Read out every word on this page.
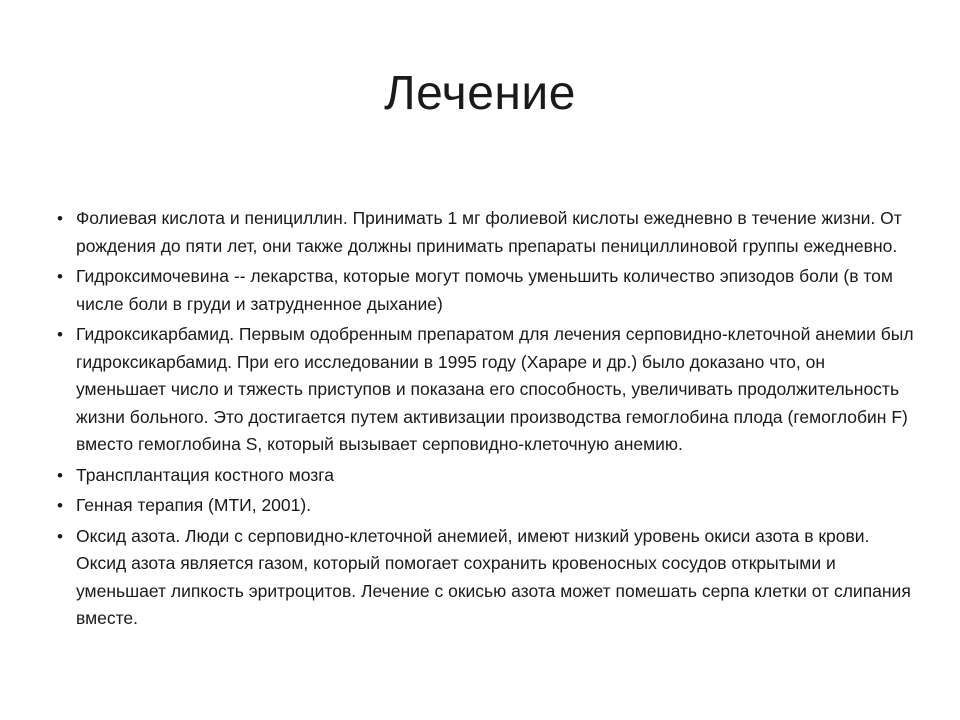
Лечение
• Фолиевая кислота и пенициллин. Принимать 1 мг фолиевой кислоты ежедневно в течение жизни. От рождения до пяти лет, они также должны принимать препараты пенициллиновой группы ежедневно.
• Гидроксимочевина -- лекарства, которые могут помочь уменьшить количество эпизодов боли (в том числе боли в груди и затрудненное дыхание)
• Гидроксикарбамид. Первым одобренным препаратом для лечения серповидно-клеточной анемии был гидроксикарбамид. При его исследовании в 1995 году (Хараре и др.) было доказано что, он уменьшает число и тяжесть приступов и показана его способность, увеличивать продолжительность жизни больного. Это достигается путем активизации производства гемоглобина плода (гемоглобин F) вместо гемоглобина S, который вызывает серповидно-клеточную анемию.
• Трансплантация костного мозга
• Генная терапия (МТИ, 2001).
• Оксид азота. Люди с серповидно-клеточной анемией, имеют низкий уровень окиси азота в крови. Оксид азота является газом, который помогает сохранить кровеносных сосудов открытыми и уменьшает липкость эритроцитов. Лечение с окисью азота может помешать серпа клетки от слипания вместе.
